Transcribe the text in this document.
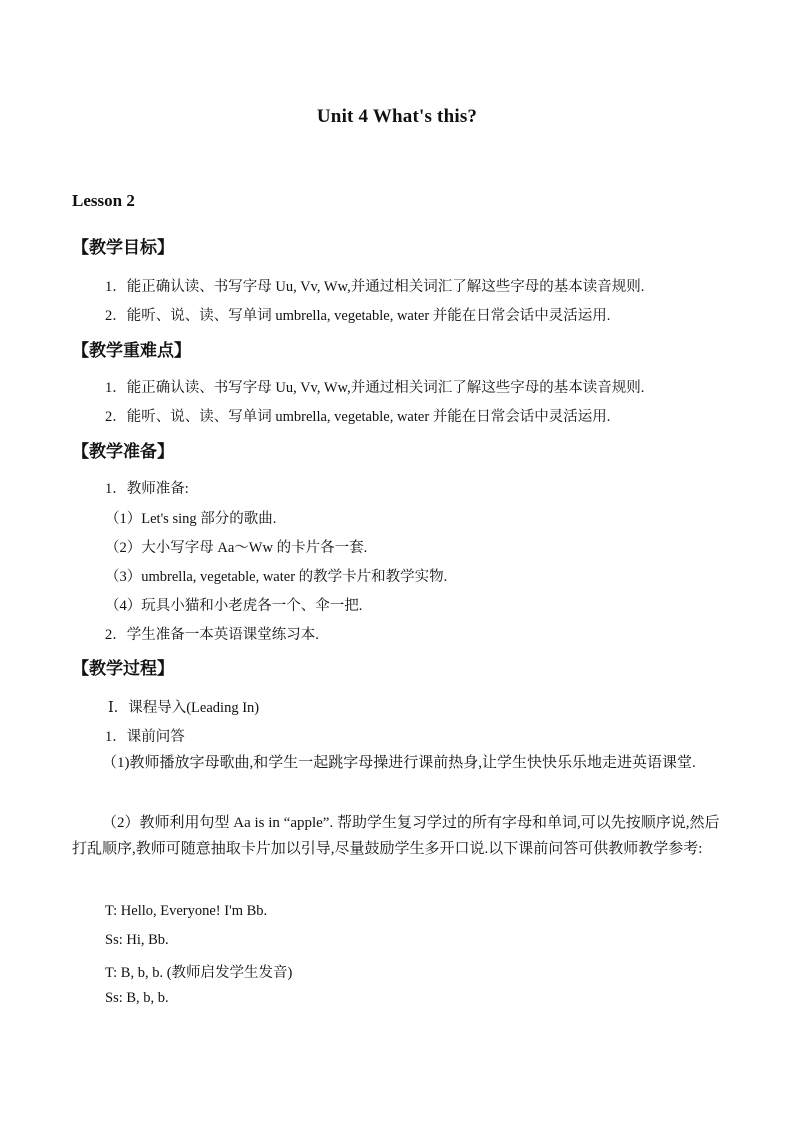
Unit 4 What's this?
Lesson 2
【教学目标】
1．能正确认读、书写字母 Uu, Vv, Ww,并通过相关词汇了解这些字母的基本读音规则.
2．能听、说、读、写单词 umbrella, vegetable, water 并能在日常会话中灵活运用.
【教学重难点】
1．能正确认读、书写字母 Uu, Vv, Ww,并通过相关词汇了解这些字母的基本读音规则.
2．能听、说、读、写单词 umbrella, vegetable, water 并能在日常会话中灵活运用.
【教学准备】
1．教师准备:
（1）Let's sing 部分的歌曲.
（2）大小写字母 Aa～Ww 的卡片各一套.
（3）umbrella, vegetable, water 的教学卡片和教学实物.
（4）玩具小猫和小老虎各一个、伞一把.
2．学生准备一本英语课堂练习本.
【教学过程】
Ⅰ．课程导入(Leading In)
1．课前问答
（1)教师播放字母歌曲,和学生一起跳字母操进行课前热身,让学生快快乐乐地走进英语课堂.
（2）教师利用句型 Aa is in “apple”. 帮助学生复习学过的所有字母和单词,可以先按顺序说,然后打乱顺序,教师可随意抽取卡片加以引导,尽量鼓励学生多开口说.以下课前问答可供教师教学参考:
T: Hello, Everyone! I'm Bb.
Ss: Hi, Bb.
T: B, b, b. (教师启发学生发音)
Ss: B, b, b.
